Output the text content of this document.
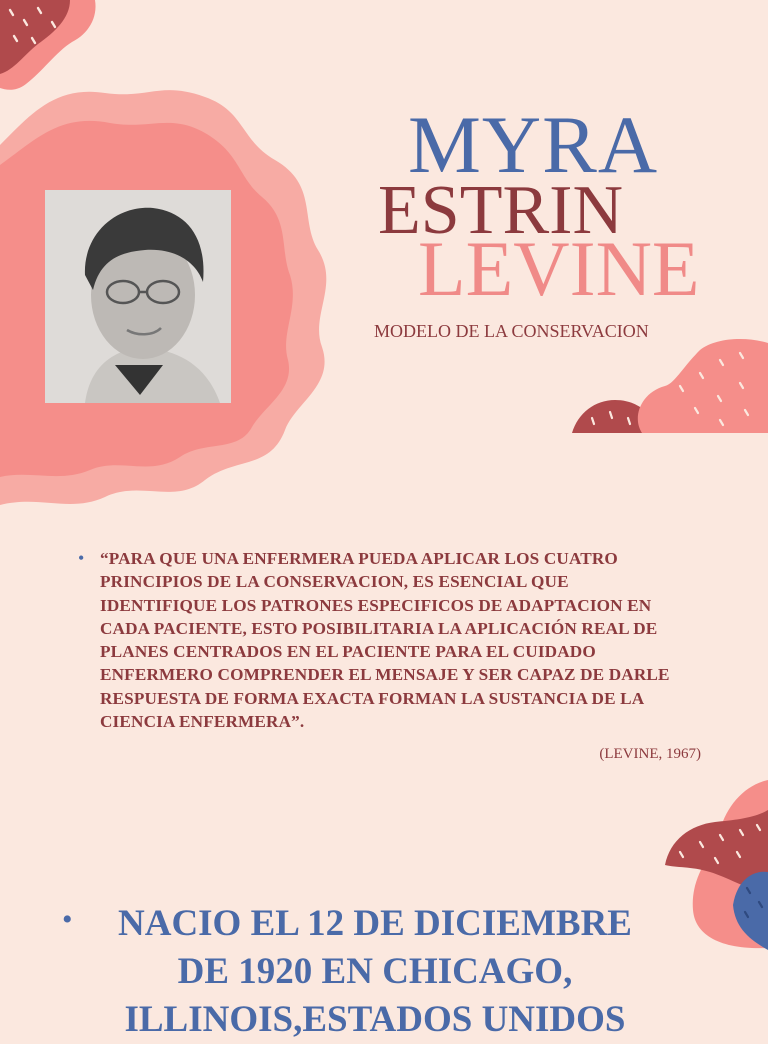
MYRA
ESTRIN
LEVINE

MODELO DE LA CONSERVACION

• “PARA QUE UNA ENFERMERA PUEDA APLICAR LOS CUATRO PRINCIPIOS DE LA CONSERVACION, ES ESENCIAL QUE IDENTIFIQUE LOS PATRONES ESPECIFICOS DE ADAPTACION EN CADA PACIENTE, ESTO POSIBILITARIA LA APLICACIÓN REAL DE PLANES CENTRADOS EN EL PACIENTE PARA EL CUIDADO ENFERMERO COMPRENDER EL MENSAJE Y SER CAPAZ DE DARLE RESPUESTA DE FORMA EXACTA FORMAN LA SUSTANCIA DE LA CIENCIA ENFERMERA”.

(LEVINE, 1967)

•	NACIO EL 12 DE DICIEMBRE DE 1920 EN CHICAGO, ILLINOIS,ESTADOS UNIDOS
